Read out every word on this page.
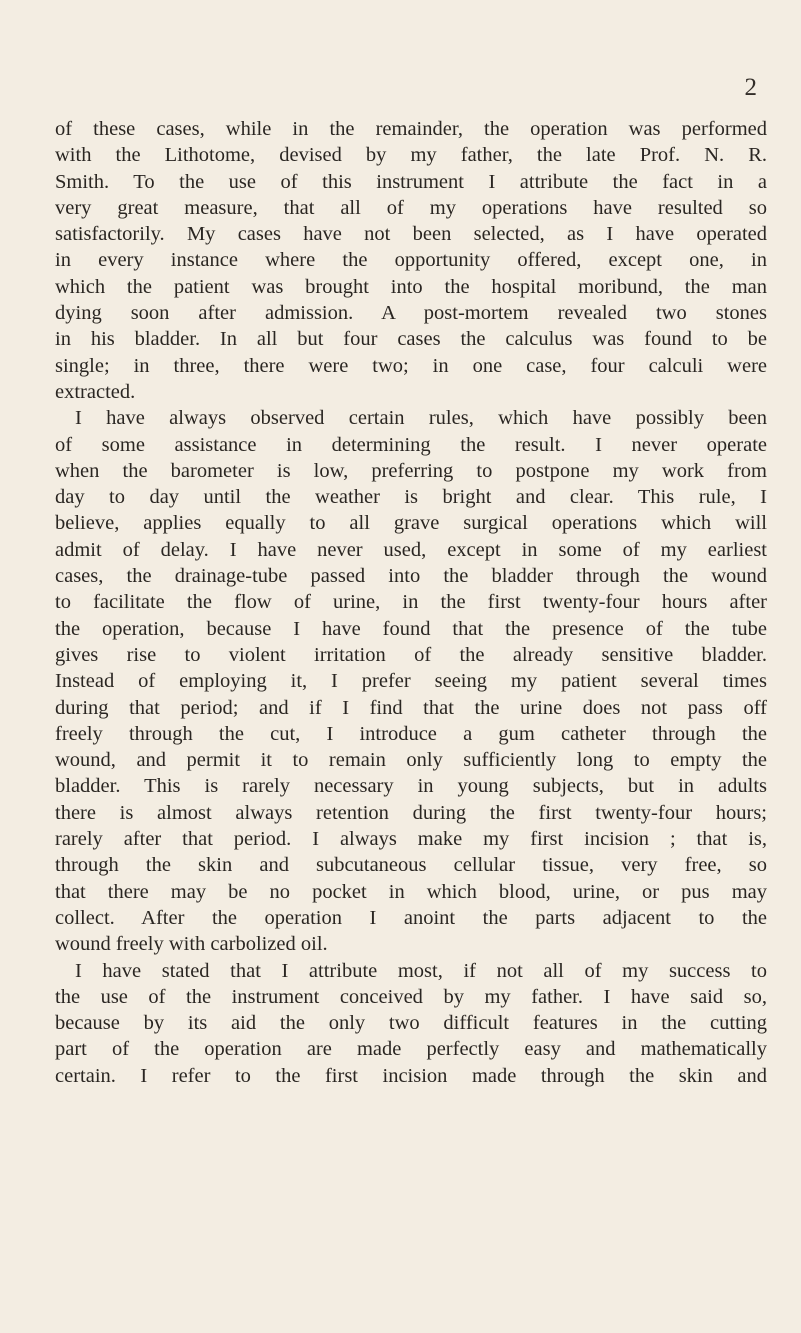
2
of these cases, while in the remainder, the operation was performed
with the Lithotome, devised by my father, the late Prof. N. R.
Smith. To the use of this instrument I attribute the fact in a
very great measure, that all of my operations have resulted so
satisfactorily. My cases have not been selected, as I have operated
in every instance where the opportunity offered, except one, in
which the patient was brought into the hospital moribund, the man
dying soon after admission. A post-mortem revealed two stones
in his bladder. In all but four cases the calculus was found to be
single; in three, there were two; in one case, four calculi were
extracted.
I have always observed certain rules, which have possibly been
of some assistance in determining the result. I never operate
when the barometer is low, preferring to postpone my work from
day to day until the weather is bright and clear. This rule, I
believe, applies equally to all grave surgical operations which will
admit of delay. I have never used, except in some of my earliest
cases, the drainage-tube passed into the bladder through the wound
to facilitate the flow of urine, in the first twenty-four hours after
the operation, because I have found that the presence of the tube
gives rise to violent irritation of the already sensitive bladder.
Instead of employing it, I prefer seeing my patient several times
during that period; and if I find that the urine does not pass off
freely through the cut, I introduce a gum catheter through the
wound, and permit it to remain only sufficiently long to empty the
bladder. This is rarely necessary in young subjects, but in adults
there is almost always retention during the first twenty-four hours;
rarely after that period. I always make my first incision ; that is,
through the skin and subcutaneous cellular tissue, very free, so
that there may be no pocket in which blood, urine, or pus may
collect. After the operation I anoint the parts adjacent to the
wound freely with carbolized oil.
I have stated that I attribute most, if not all of my success to
the use of the instrument conceived by my father. I have said so,
because by its aid the only two difficult features in the cutting
part of the operation are made perfectly easy and mathematically
certain. I refer to the first incision made through the skin and
